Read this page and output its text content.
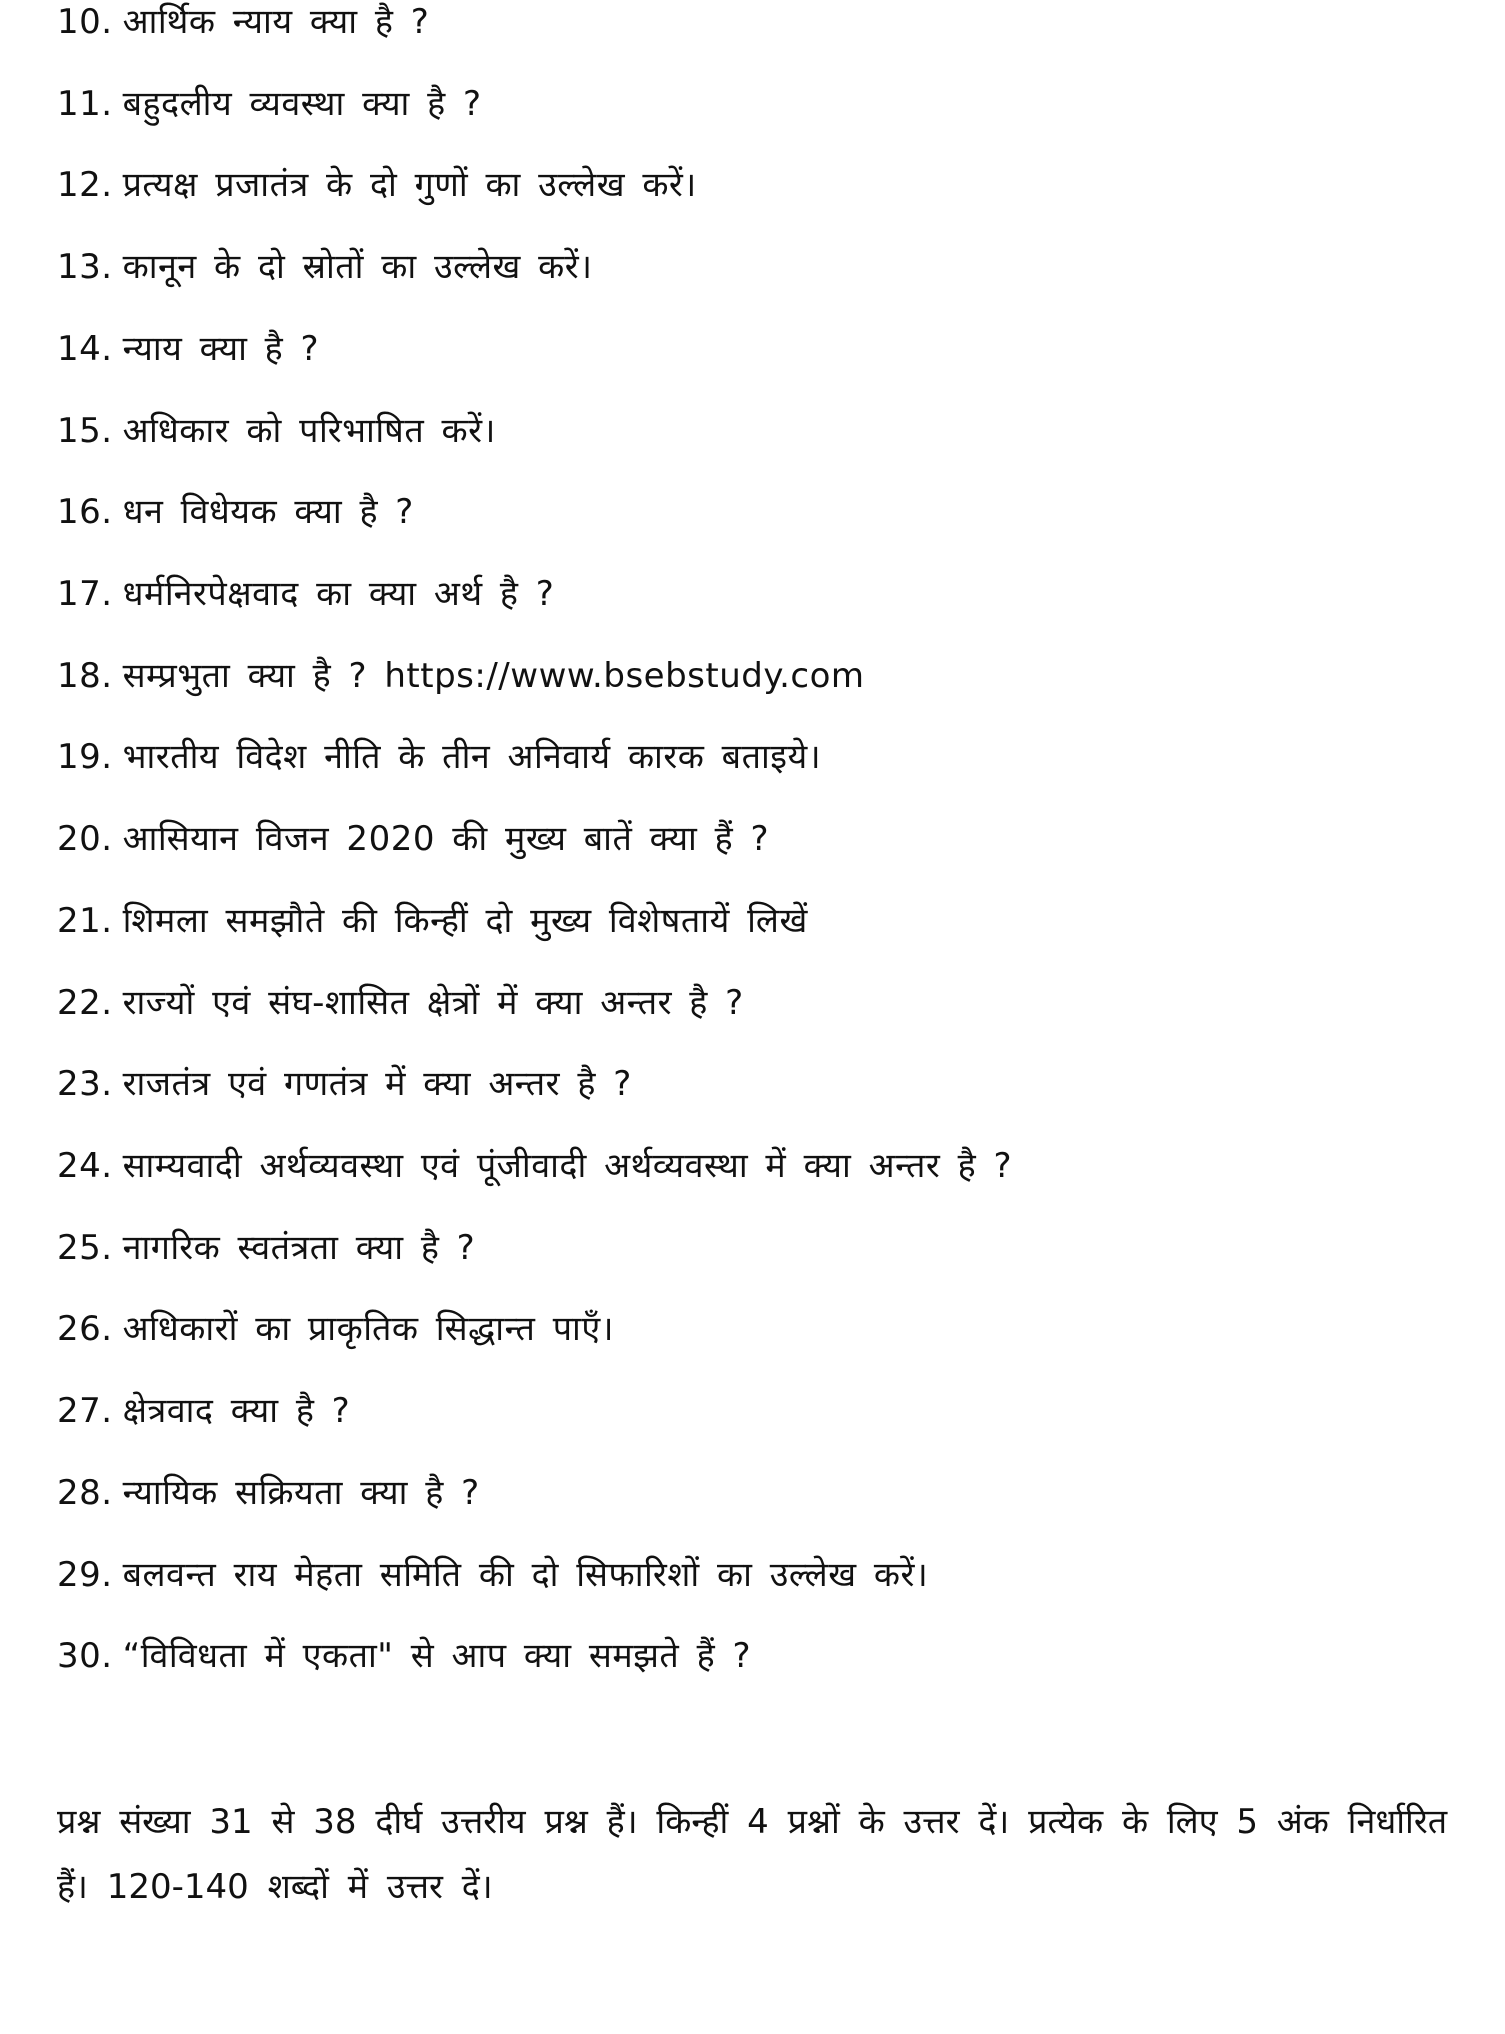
10. आर्थिक न्याय क्या है ?
11. बहुदलीय व्यवस्था क्या है ?
12. प्रत्यक्ष प्रजातंत्र के दो गुणों का उल्लेख करें।
13. कानून के दो स्रोतों का उल्लेख करें।
14. न्याय क्या है ?
15. अधिकार को परिभाषित करें।
16. धन विधेयक क्या है ?
17. धर्मनिरपेक्षवाद का क्या अर्थ है ?
18. सम्प्रभुता क्या है ? https://www.bsebstudy.com
19. भारतीय विदेश नीति के तीन अनिवार्य कारक बताइये।
20. आसियान विजन 2020 की मुख्य बातें क्या हैं ?
21. शिमला समझौते की किन्हीं दो मुख्य विशेषतायें लिखें
22. राज्यों एवं संघ-शासित क्षेत्रों में क्या अन्तर है ?
23. राजतंत्र एवं गणतंत्र में क्या अन्तर है ?
24. साम्यवादी अर्थव्यवस्था एवं पूंजीवादी अर्थव्यवस्था में क्या अन्तर है ?
25. नागरिक स्वतंत्रता क्या है ?
26. अधिकारों का प्राकृतिक सिद्धान्त पाएँ।
27. क्षेत्रवाद क्या है ?
28. न्यायिक सक्रियता क्या है ?
29. बलवन्त राय मेहता समिति की दो सिफारिशों का उल्लेख करें।
30. “विविधता में एकता" से आप क्या समझते हैं ?
प्रश्न संख्या 31 से 38 दीर्घ उत्तरीय प्रश्न हैं। किन्हीं 4 प्रश्नों के उत्तर दें। प्रत्येक के लिए 5 अंक निर्धारित हैं। 120-140 शब्दों में उत्तर दें।
